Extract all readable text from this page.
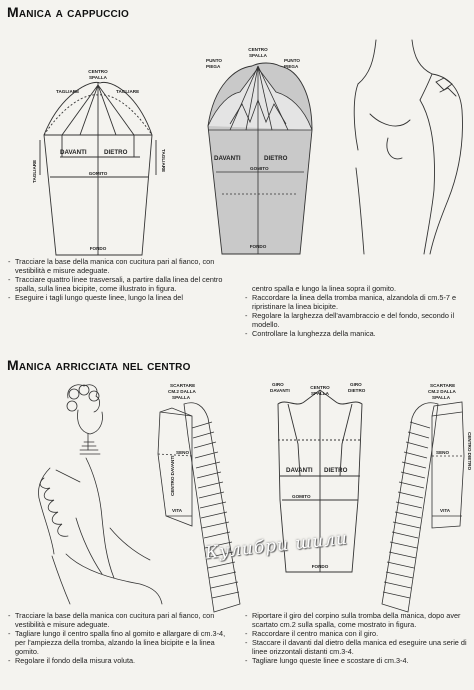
Manica a cappuccio
CENTRO
SPALLA
TAGLIARE	TAGLIARE
DAVANTI	DIETRO
GOMITO
FONDO
TAGLIARE	TAGLIARE
CENTRO
SPALLA
PUNTO
PIEGA
PUNTO
PIEGA
DAVANTI	DIETRO
GOMITO
FONDO
- Tracciare la base della manica con cucitura pari al fianco, con vestibilità e misure adeguate.
- Tracciare quattro linee trasversali, a partire dalla linea del centro spalla, sulla linea bicipite, come illustrato in figura.
- Eseguire i tagli lungo queste linee, lungo la linea del
centro spalla e lungo la linea sopra il gomito.
- Raccordare la linea della tromba manica, alzandola di cm.5-7 e ripristinare la linea bicipite.
- Regolare la larghezza dell'avambraccio e del fondo, secondo il modello.
- Controllare la lunghezza della manica.
Manica arricciata nel centro
SCARTARE
CM.2 DALLA
SPALLA
SENO
VITA
CENTRO DAVANTI
GIRO
DAVANTI
CENTRO
SPALLA
GIRO
DIETRO
DAVANTI DIETRO
GOMITO
FONDO
SCARTARE
CM.2 DALLA
SPALLA
SENO
VITA
CENTRO DIETRO
Кулибри шили
- Tracciare la base della manica con cucitura pari al fianco, con vestibilità e misure adeguate.
- Tagliare lungo il centro spalla fino al gomito e allargare di cm.3-4, per l'ampiezza della tromba, alzando la linea bicipite e la linea gomito.
- Regolare il fondo della misura voluta.
- Riportare il giro del corpino sulla tromba della manica, dopo aver scartato cm.2 sulla spalla, come mostrato in figura.
- Raccordare il centro manica con il giro.
- Staccare il davanti dal dietro della manica ed eseguire una serie di linee orizzontali distanti cm.3-4.
- Tagliare lungo queste linee e scostare di cm.3-4.
